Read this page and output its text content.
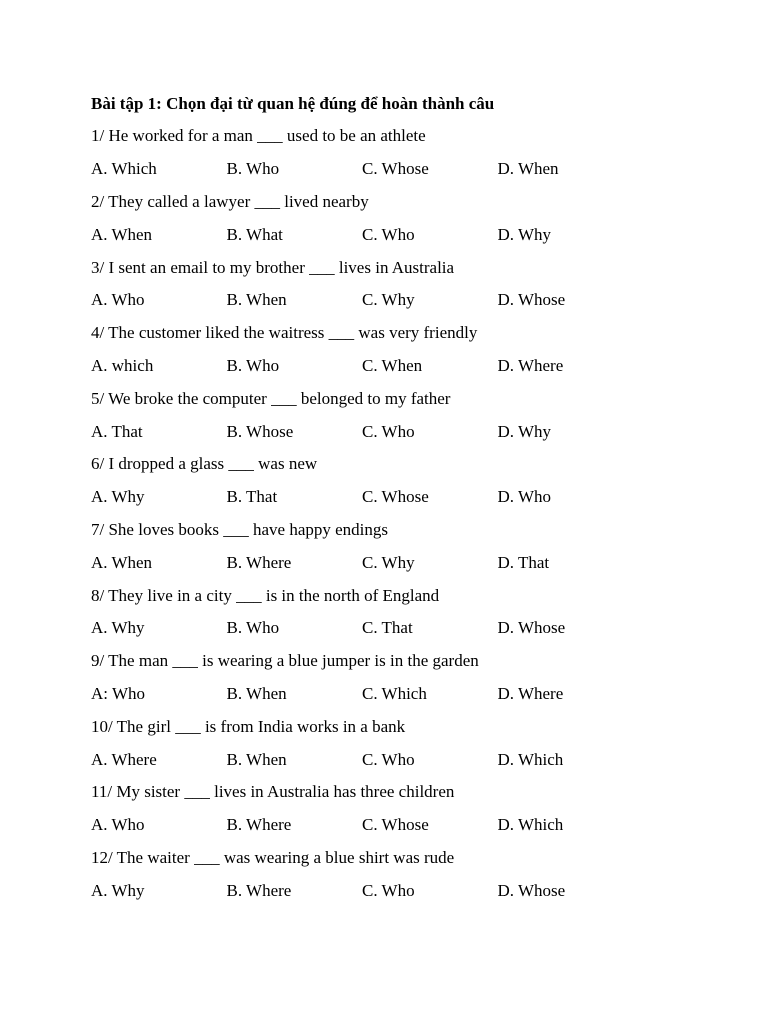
Bài tập 1: Chọn đại từ quan hệ đúng để hoàn thành câu
1/ He worked for a man ___ used to be an athlete
A. Which	B. Who	C. Whose	D. When
2/ They called a lawyer ___ lived nearby
A. When	B. What	C. Who	D. Why
3/ I sent an email to my brother ___ lives in Australia
A. Who	B. When	C. Why	D. Whose
4/ The customer liked the waitress ___ was very friendly
A. which	B. Who	C. When	D. Where
5/ We broke the computer ___ belonged to my father
A. That	B. Whose	C. Who	D. Why
6/ I dropped a glass ___ was new
A. Why	B. That	C. Whose	D. Who
7/ She loves books ___ have happy endings
A. When	B. Where	C. Why	D. That
8/ They live in a city ___ is in the north of England
A. Why	B. Who	C. That	D. Whose
9/ The man ___ is wearing a blue jumper is in the garden
A: Who	B. When	C. Which	D. Where
10/ The girl ___ is from India works in a bank
A. Where	B. When	C. Who	D. Which
11/ My sister ___ lives in Australia has three children
A. Who	B. Where	C. Whose	D. Which
12/ The waiter ___ was wearing a blue shirt was rude
A. Why	B. Where	C. Who	D. Whose
